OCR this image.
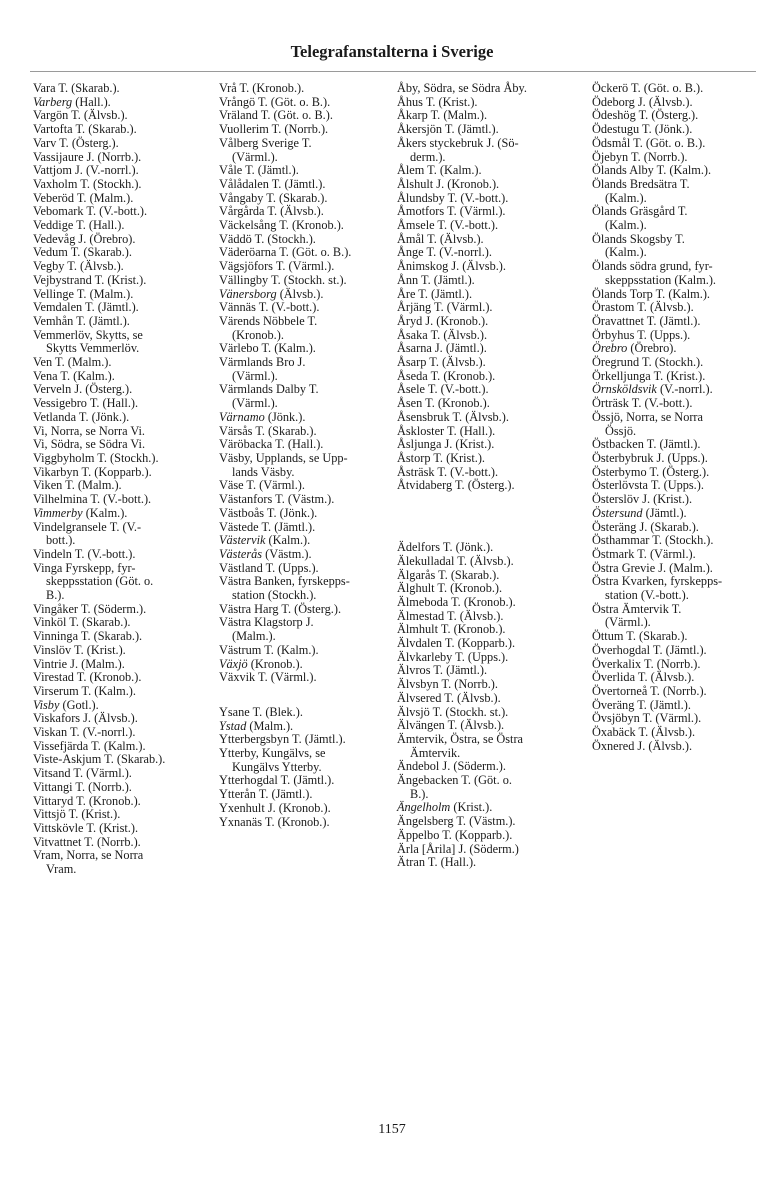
Telegrafanstalterna i Sverige
Vara T. (Skarab.).
Varberg (Hall.).
Vargön T. (Älvsb.).
Vartofta T. (Skarab.).
Varv T. (Österg.).
Vassijaure J. (Norrb.).
Vattjom J. (V.-norrl.).
Vaxholm T. (Stockh.).
Veberöd T. (Malm.).
Vebomark T. (V.-bott.).
Veddige T. (Hall.).
Vedevåg J. (Örebro).
Vedum T. (Skarab.).
Vegby T. (Älvsb.).
Vejbystrand T. (Krist.).
Vellinge T. (Malm.).
Vemdalen T. (Jämtl.).
Vemhån T. (Jämtl.).
Vemmerlöv, Skytts, se
Skytts Vemmerlöv.
Ven T. (Malm.).
Vena T. (Kalm.).
Verveln J. (Österg.).
Vessigebro T. (Hall.).
Vetlanda T. (Jönk.).
Vi, Norra, se Norra Vi.
Vi, Södra, se Södra Vi.
Viggbyholm T. (Stockh.).
Vikarbyn T. (Kopparb.).
Viken T. (Malm.).
Vilhelmina T. (V.-bott.).
Vimmerby (Kalm.).
Vindelgranselе T. (V.-
bott.).
Vindeln T. (V.-bott.).
Vinga Fyrskepp, fyr-
skeppsstation (Göt. o.
B.).
Vingåker T. (Söderm.).
Vinköl T. (Skarab.).
Vinninga T. (Skarab.).
Vinslöv T. (Krist.).
Vintrie J. (Malm.).
Virestad T. (Kronob.).
Virserum T. (Kalm.).
Visby (Gotl.).
Viskafors J. (Älvsb.).
Viskan T. (V.-norrl.).
Vissefjärda T. (Kalm.).
Viste-Askjum T. (Skarab.).
Vitsand T. (Värml.).
Vittangi T. (Norrb.).
Vittaryd T. (Kronob.).
Vittsjö T. (Krist.).
Vittskövle T. (Krist.).
Vitvattnet T. (Norrb.).
Vram, Norra, se Norra
Vram.
Vrå T. (Kronob.).
Vrångö T. (Göt. o. B.).
Vräland T. (Göt. o. B.).
Vuollerim T. (Norrb.).
Vålberg Sverige T.
(Värml.).
Våle T. (Jämtl.).
Vålådalen T. (Jämtl.).
Vångaby T. (Skarab.).
Vårgårda T. (Älvsb.).
Väckelsång T. (Kronob.).
Väddö T. (Stockh.).
Väderöarna T. (Göt. o. B.).
Vägsjöfors T. (Värml.).
Vällingby T. (Stockh. st.).
Vänersborg (Älvsb.).
Vännäs T. (V.-bott.).
Värends Nöbbele T.
(Kronob.).
Värlebo T. (Kalm.).
Värmlands Bro J.
(Värml.).
Värmlands Dalby T.
(Värml.).
Värnamo (Jönk.).
Värsås T. (Skarab.).
Väröbacka T. (Hall.).
Väsby, Upplands, se Upp-
lands Väsby.
Väse T. (Värml.).
Västanfors T. (Västm.).
Västboås T. (Jönk.).
Västede T. (Jämtl.).
Västervik (Kalm.).
Västerås (Västm.).
Västland T. (Upps.).
Västra Banken, fyrskepps-
station (Stockh.).
Västra Harg T. (Österg.).
Västra Klagstorp J.
(Malm.).
Västrum T. (Kalm.).
Växjö (Kronob.).
Växvik T. (Värml.).
Ysane T. (Blek.).
Ystad (Malm.).
Ytterbergsbyn T. (Jämtl.).
Ytterby, Kungälvs, se
Kungälvs Ytterby.
Ytterhogdal T. (Jämtl.).
Ytterån T. (Jämtl.).
Yxenhult J. (Kronob.).
Yxnanäs T. (Kronob.).
Åby, Södra, se Södra Åby.
Åhus T. (Krist.).
Åkarp T. (Malm.).
Åkersjön T. (Jämtl.).
Åkers styckebruk J. (Sö-
derm.).
Ålem T. (Kalm.).
Ålshult J. (Kronob.).
Ålundsby T. (V.-bott.).
Åmotfors T. (Värml.).
Åmsele T. (V.-bott.).
Åmål T. (Älvsb.).
Ånge T. (V.-norrl.).
Ånimskog J. (Älvsb.).
Ånn T. (Jämtl.).
Åre T. (Jämtl.).
Årjäng T. (Värml.).
Åryd J. (Kronob.).
Åsaka T. (Älvsb.).
Åsarna J. (Jämtl.).
Åsarp T. (Älvsb.).
Åseda T. (Kronob.).
Åsele T. (V.-bott.).
Åsen T. (Kronob.).
Åsensbruk T. (Älvsb.).
Åskloster T. (Hall.).
Åsljunga J. (Krist.).
Åstorp T. (Krist.).
Åsträsk T. (V.-bott.).
Åtvidaberg T. (Österg.).
Ädelfors T. (Jönk.).
Älekulladal T. (Älvsb.).
Älgarås T. (Skarab.).
Älghult T. (Kronob.).
Älmeboda T. (Kronob.).
Älmestad T. (Älvsb.).
Älmhult T. (Kronob.).
Älvdalen T. (Kopparb.).
Älvkarleby T. (Upps.).
Älvros T. (Jämtl.).
Älvsbyn T. (Norrb.).
Älvsered T. (Älvsb.).
Älvsjö T. (Stockh. st.).
Älvängen T. (Älvsb.).
Ämtervik, Östra, se Östra
Ämtervik.
Ändebol J. (Söderm.).
Ängebacken T. (Göt. o.
B.).
Ängelholm (Krist.).
Ängelsberg T. (Västm.).
Äppelbo T. (Kopparb.).
Ärla [Årila] J. (Söderm.)
Ätran T. (Hall.).
Öckerö T. (Göt. o. B.).
Ödeborg J. (Älvsb.).
Ödeshög T. (Österg.).
Ödestugu T. (Jönk.).
Ödsmål T. (Göt. o. B.).
Öjebyn T. (Norrb.).
Ölands Alby T. (Kalm.).
Ölands Bredsätra T.
(Kalm.).
Ölands Gräsgård T.
(Kalm.).
Ölands Skogsby T.
(Kalm.).
Ölands södra grund, fyr-
skeppsstation (Kalm.).
Ölands Torp T. (Kalm.).
Örastom T. (Älvsb.).
Öravattnet T. (Jämtl.).
Örbyhus T. (Upps.).
Örebro (Örebro).
Öregrund T. (Stockh.).
Örkelljunga T. (Krist.).
Örnsköldsvik (V.-norrl.).
Örträsk T. (V.-bott.).
Össjö, Norra, se Norra
Össjö.
Östbacken T. (Jämtl.).
Österbybruk J. (Upps.).
Österbymo T. (Österg.).
Österlövsta T. (Upps.).
Österslöv J. (Krist.).
Östersund (Jämtl.).
Österäng J. (Skarab.).
Östhammar T. (Stockh.).
Östmark T. (Värml.).
Östra Grevie J. (Malm.).
Östra Kvarken, fyrskepps-
station (V.-bott.).
Östra Ämtervik T.
(Värml.).
Öttum T. (Skarab.).
Överhogdal T. (Jämtl.).
Överkalix T. (Norrb.).
Överlida T. (Älvsb.).
Övertorneå T. (Norrb.).
Överäng T. (Jämtl.).
Övsjöbyn T. (Värml.).
Öxabäck T. (Älvsb.).
Öxnered J. (Älvsb.).
1157
